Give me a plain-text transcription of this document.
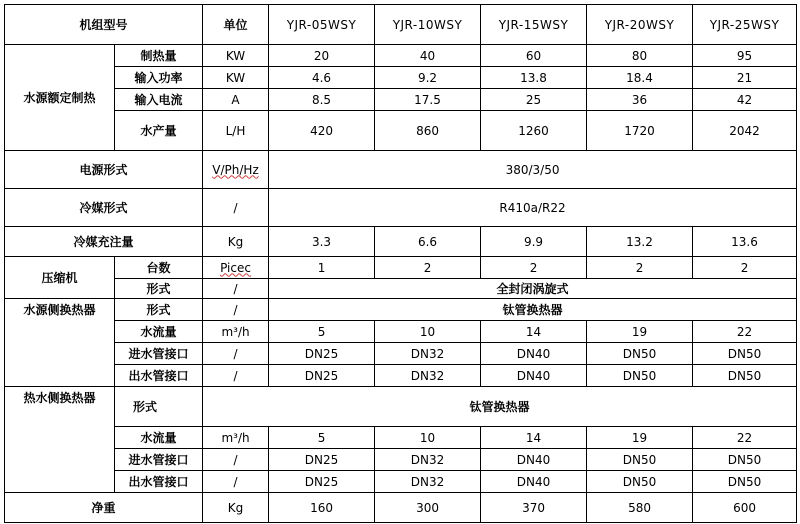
机组型号		单位	YJR-05WSY	YJR-10WSY	YJR-15WSY	YJR-20WSY	YJR-25WSY
水源额定制热	制热量	KW	20	40	60	80	95
	输入功率	KW	4.6	9.2	13.8	18.4	21
	输入电流	A	8.5	17.5	25	36	42
	水产量	L/H	420	860	1260	1720	2042
电源形式		V/Ph/Hz	380/3/50				
冷媒形式		/	R410a/R22				
冷媒充注量		Kg	3.3	6.6	9.9	13.2	13.6
压缩机	台数	Picec	1	2	2	2	2
	形式	/	全封闭涡旋式				
水源侧换热器	形式	/	钛管换热器				
	水流量	m³/h	5	10	14	19	22
	进水管接口	/	DN25	DN32	DN40	DN50	DN50
	出水管接口	/	DN25	DN32	DN40	DN50	DN50
热水侧换热器	形式	钛管换热器					
	水流量	m³/h	5	10	14	19	22
	进水管接口	/	DN25	DN32	DN40	DN50	DN50
	出水管接口	/	DN25	DN32	DN40	DN50	DN50
净重		Kg	160	300	370	580	600
